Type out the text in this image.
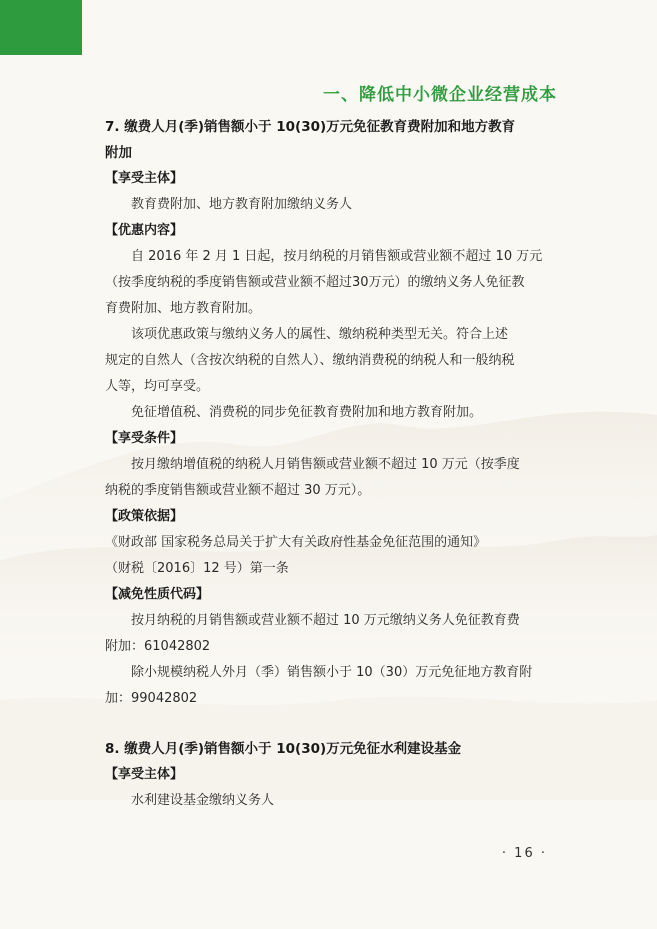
一、降低中小微企业经营成本
7. 缴费人月(季)销售额小于 10(30)万元免征教育费附加和地方教育
附加
【享受主体】
教育费附加、地方教育附加缴纳义务人
【优惠内容】
自 2016 年 2 月 1 日起，按月纳税的月销售额或营业额不超过 10 万元
（按季度纳税的季度销售额或营业额不超过30万元）的缴纳义务人免征教
育费附加、地方教育附加。
该项优惠政策与缴纳义务人的属性、缴纳税种类型无关。符合上述
规定的自然人（含按次纳税的自然人）、缴纳消费税的纳税人和一般纳税
人等，均可享受。
免征增值税、消费税的同步免征教育费附加和地方教育附加。
【享受条件】
按月缴纳增值税的纳税人月销售额或营业额不超过 10 万元（按季度
纳税的季度销售额或营业额不超过 30 万元）。
【政策依据】
《财政部 国家税务总局关于扩大有关政府性基金免征范围的通知》
（财税〔2016〕12 号）第一条
【减免性质代码】
按月纳税的月销售额或营业额不超过 10 万元缴纳义务人免征教育费
附加：61042802
除小规模纳税人外月（季）销售额小于 10（30）万元免征地方教育附
加：99042802
8. 缴费人月(季)销售额小于 10(30)万元免征水利建设基金
【享受主体】
水利建设基金缴纳义务人
· 16 ·
